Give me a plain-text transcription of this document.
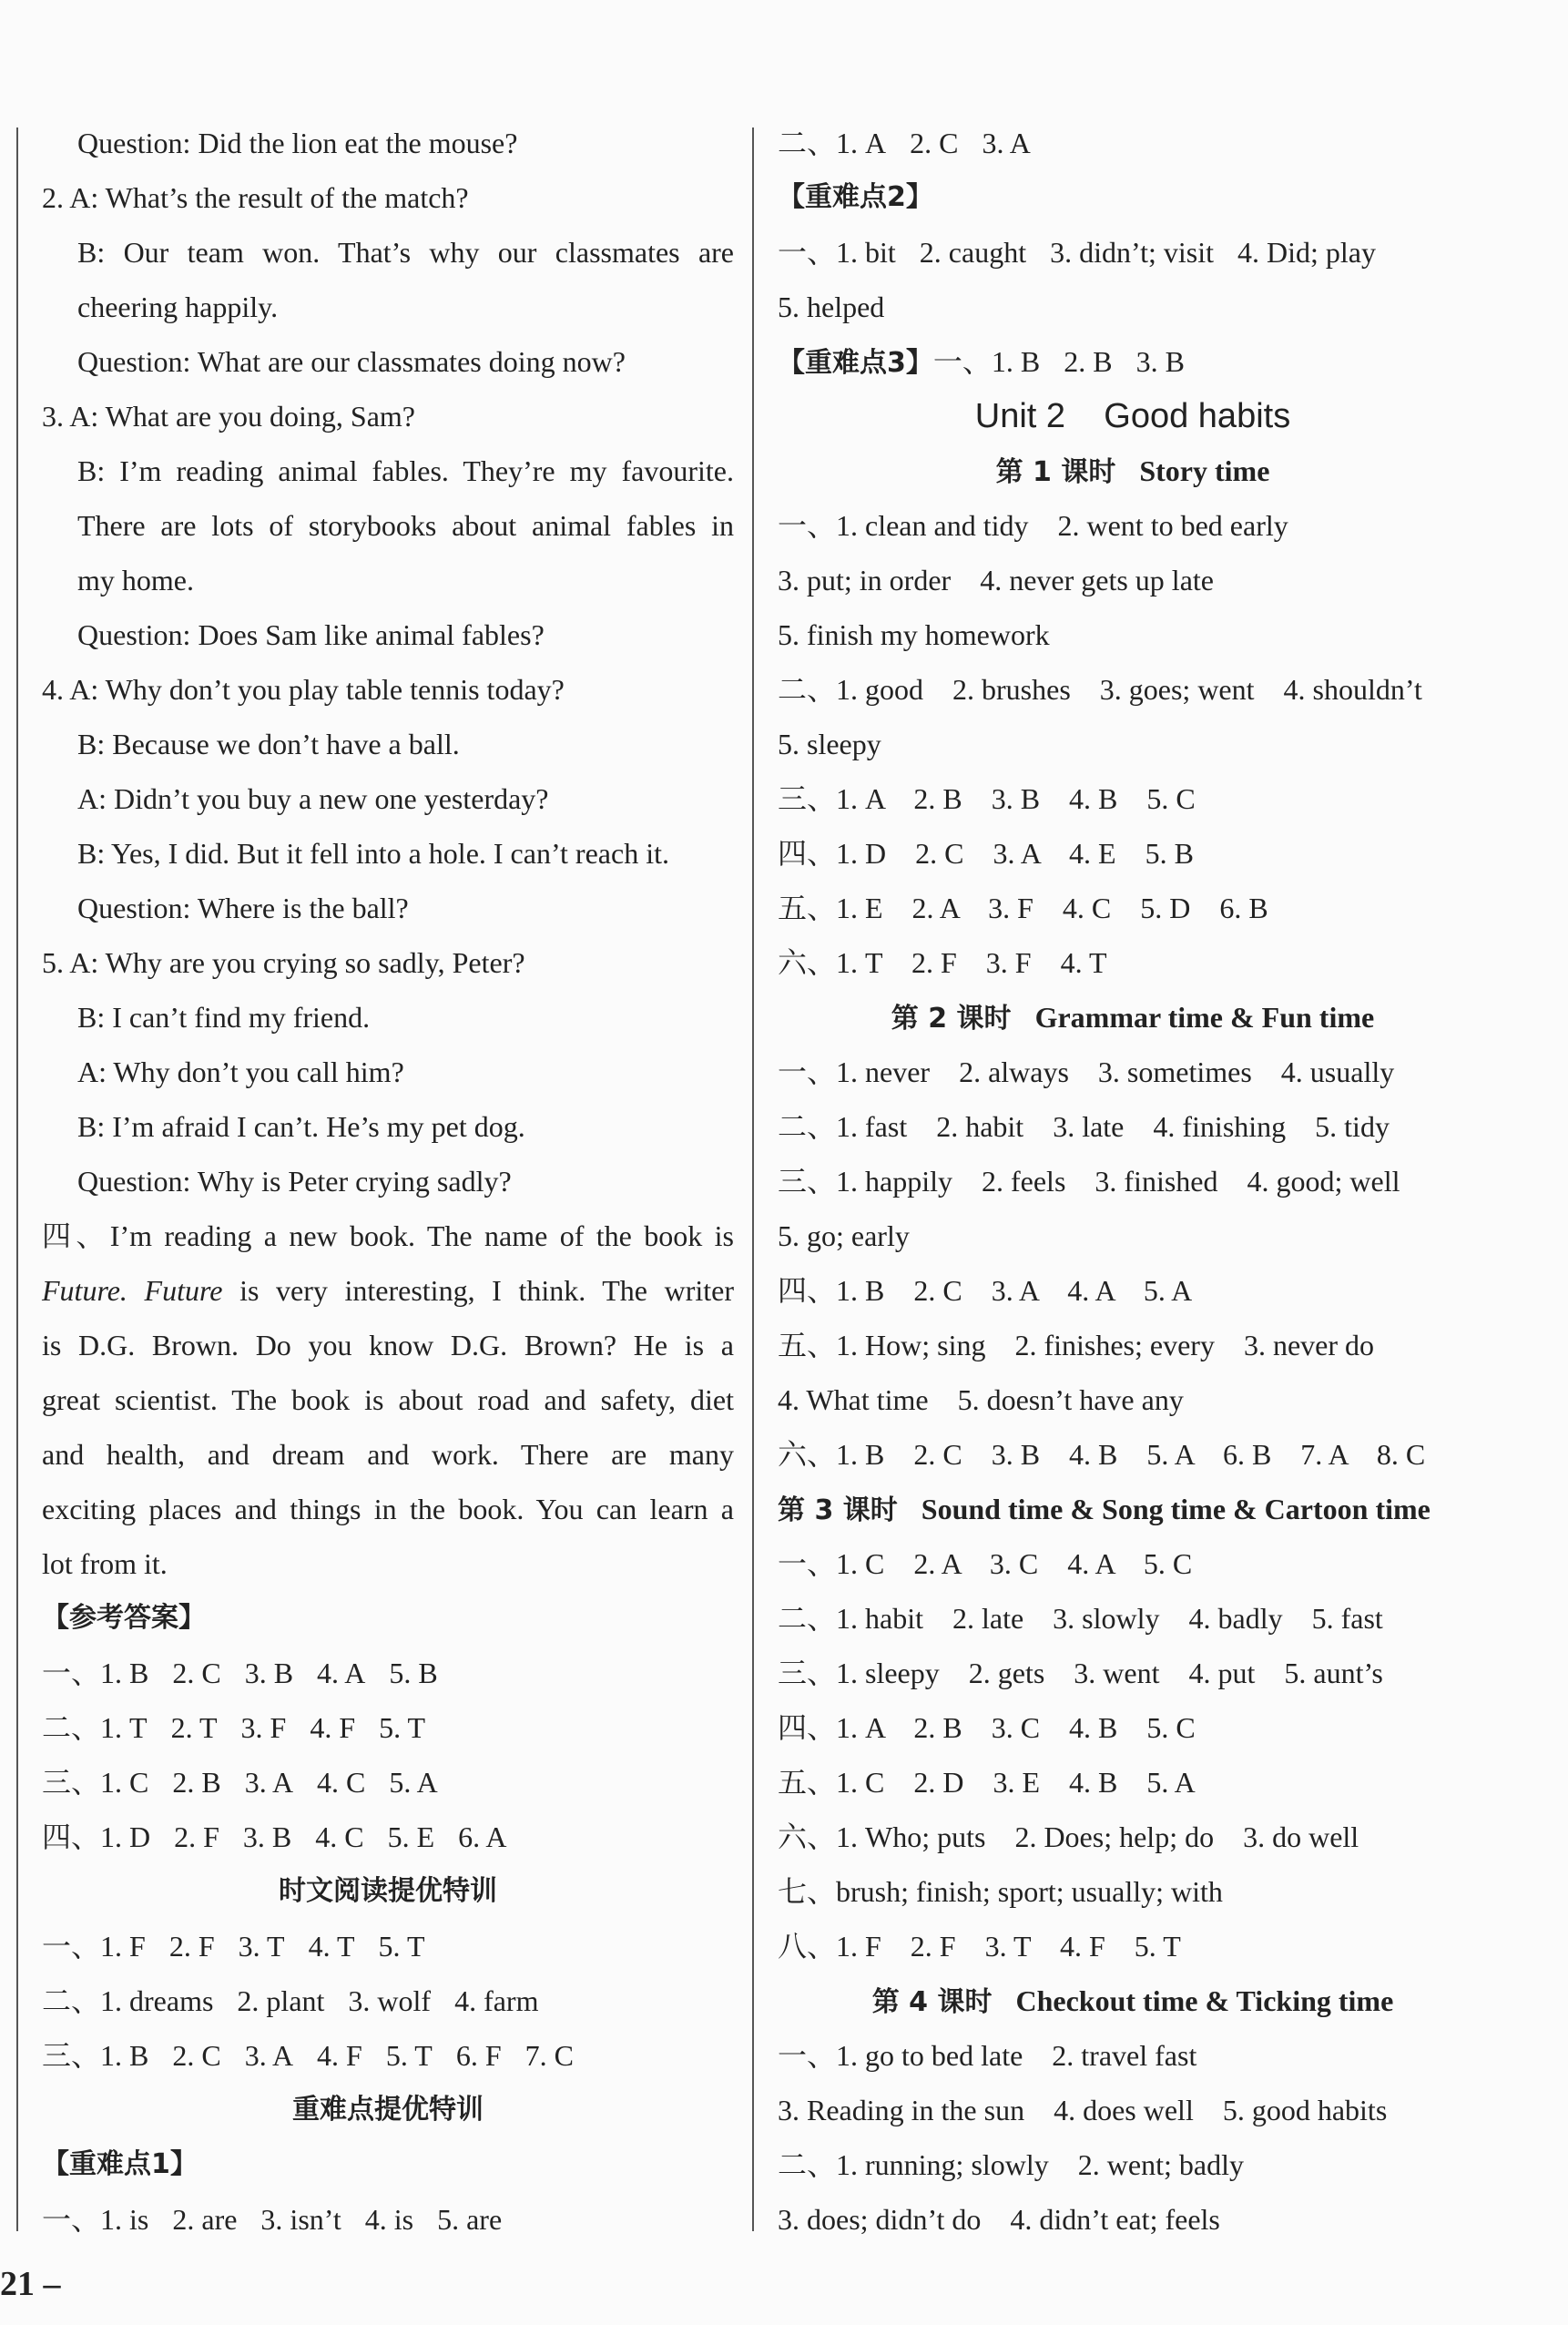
Question: Did the lion eat the mouse?
2. A: What’s the result of the match?
B: Our team won. That’s why our classmates are
cheering happily.
Question: What are our classmates doing now?
3. A: What are you doing, Sam?
B: I’m reading animal fables. They’re my favourite.
There are lots of storybooks about animal fables in
my home.
Question: Does Sam like animal fables?
4. A: Why don’t you play table tennis today?
B: Because we don’t have a ball.
A: Didn’t you buy a new one yesterday?
B: Yes, I did. But it fell into a hole. I can’t reach it.
Question: Where is the ball?
5. A: Why are you crying so sadly, Peter?
B: I can’t find my friend.
A: Why don’t you call him?
B: I’m afraid I can’t. He’s my pet dog.
Question: Why is Peter crying sadly?
四、I’m reading a new book. The name of the book is
Future. Future is very interesting, I think. The writer
is D.G. Brown. Do you know D.G. Brown? He is a
great scientist. The book is about road and safety, diet
and health, and dream and work. There are many
exciting places and things in the book. You can learn a
lot from it.
【参考答案】
一、1. B 2. C 3. B 4. A 5. B
二、1. T 2. T 3. F 4. F 5. T
三、1. C 2. B 3. A 4. C 5. A
四、1. D 2. F 3. B 4. C 5. E 6. A
时文阅读提优特训
一、1. F 2. F 3. T 4. T 5. T
二、1. dreams 2. plant 3. wolf 4. farm
三、1. B 2. C 3. A 4. F 5. T 6. F 7. C
重难点提优特训
【重难点1】
一、1. is 2. are 3. isn’t 4. is 5. are
二、1. A 2. C 3. A
【重难点2】
一、1. bit 2. caught 3. didn’t; visit 4. Did; play
5. helped
【重难点3】一、1. B 2. B 3. B
Unit 2    Good habits
第 1 课时 Story time
一、1. clean and tidy    2. went to bed early
3. put; in order    4. never gets up late
5. finish my homework
二、1. good    2. brushes    3. goes; went    4. shouldn’t
5. sleepy
三、1. A    2. B    3. B    4. B    5. C
四、1. D    2. C    3. A    4. E    5. B
五、1. E    2. A    3. F    4. C    5. D    6. B
六、1. T    2. F    3. F    4. T
第 2 课时 Grammar time & Fun time
一、1. never    2. always    3. sometimes    4. usually
二、1. fast    2. habit    3. late    4. finishing    5. tidy
三、1. happily    2. feels    3. finished    4. good; well
5. go; early
四、1. B    2. C    3. A    4. A    5. A
五、1. How; sing    2. finishes; every    3. never do
4. What time    5. doesn’t have any
六、1. B    2. C    3. B    4. B    5. A    6. B    7. A    8. C
第 3 课时 Sound time & Song time & Cartoon time
一、1. C    2. A    3. C    4. A    5. C
二、1. habit    2. late    3. slowly    4. badly    5. fast
三、1. sleepy    2. gets    3. went    4. put    5. aunt’s
四、1. A    2. B    3. C    4. B    5. C
五、1. C    2. D    3. E    4. B    5. A
六、1. Who; puts    2. Does; help; do    3. do well
七、brush; finish; sport; usually; with
八、1. F    2. F    3. T    4. F    5. T
第 4 课时 Checkout time & Ticking time
一、1. go to bed late    2. travel fast
3. Reading in the sun    4. does well    5. good habits
二、1. running; slowly    2. went; badly
3. does; didn’t do    4. didn’t eat; feels
21 –
